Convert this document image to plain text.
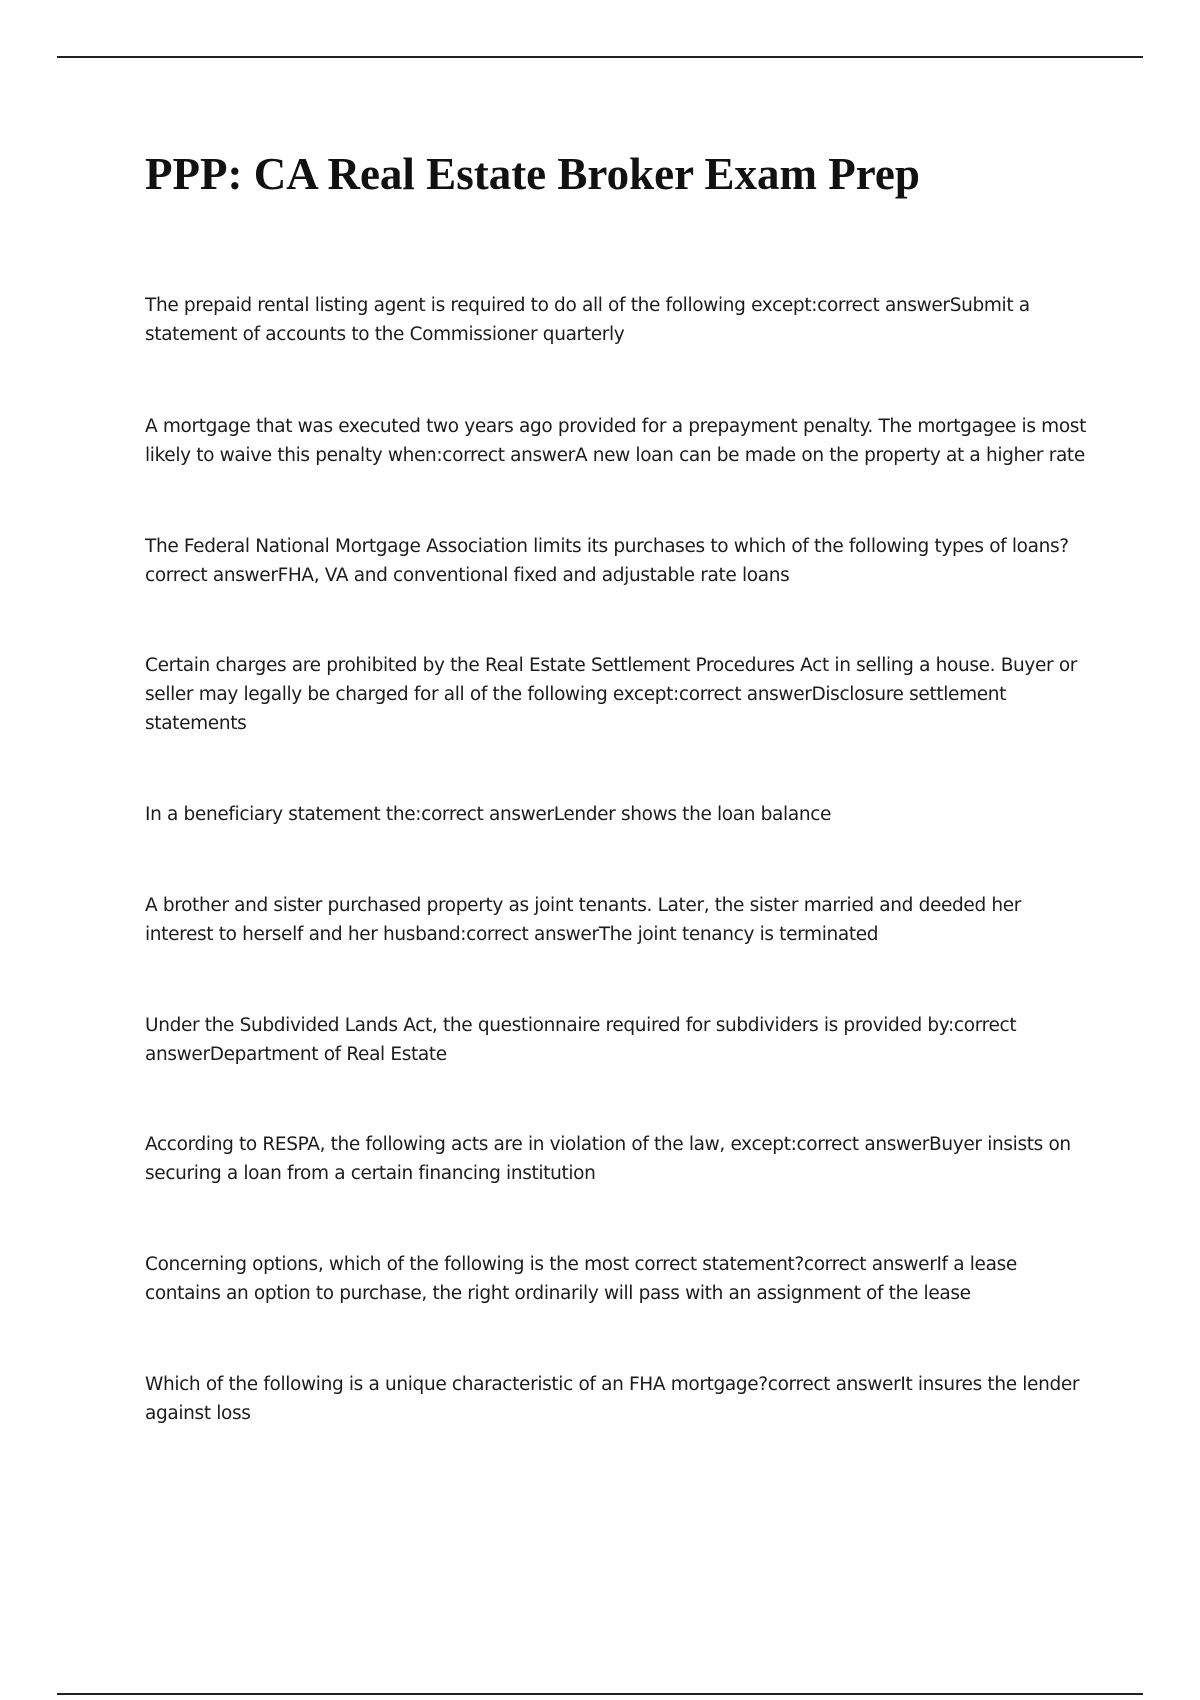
PPP: CA Real Estate Broker Exam Prep
The prepaid rental listing agent is required to do all of the following except:correct answerSubmit a statement of accounts to the Commissioner quarterly
A mortgage that was executed two years ago provided for a prepayment penalty. The mortgagee is most likely to waive this penalty when:correct answerA new loan can be made on the property at a higher rate
The Federal National Mortgage Association limits its purchases to which of the following types of loans?correct answerFHA, VA and conventional fixed and adjustable rate loans
Certain charges are prohibited by the Real Estate Settlement Procedures Act in selling a house. Buyer or seller may legally be charged for all of the following except:correct answerDisclosure settlement statements
In a beneficiary statement the:correct answerLender shows the loan balance
A brother and sister purchased property as joint tenants. Later, the sister married and deeded her interest to herself and her husband:correct answerThe joint tenancy is terminated
Under the Subdivided Lands Act, the questionnaire required for subdividers is provided by:correct answerDepartment of Real Estate
According to RESPA, the following acts are in violation of the law, except:correct answerBuyer insists on securing a loan from a certain financing institution
Concerning options, which of the following is the most correct statement?correct answerIf a lease contains an option to purchase, the right ordinarily will pass with an assignment of the lease
Which of the following is a unique characteristic of an FHA mortgage?correct answerIt insures the lender against loss
